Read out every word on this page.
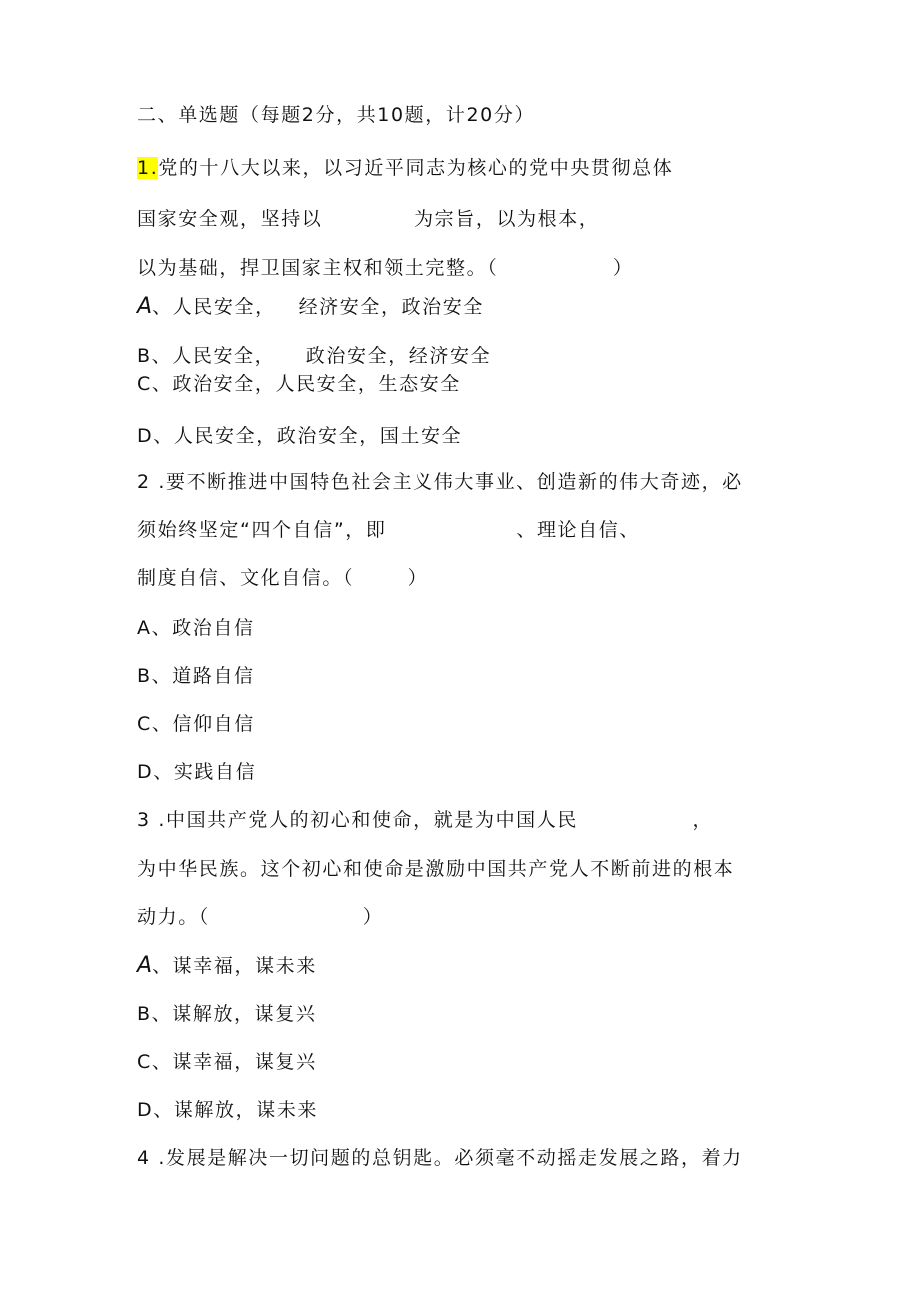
二、单选题（每题2分，共10题，计20分）
1.党的十八大以来，以习近平同志为核心的党中央贯彻总体
国家安全观，坚持以            为宗旨，以为根本，
以为基础，捍卫国家主权和领土完整。（               ）
A、人民安全，   经济安全，政治安全
B、人民安全，    政治安全，经济安全
C、政治安全，人民安全，生态安全
D、人民安全，政治安全，国土安全
2 .要不断推进中国特色社会主义伟大事业、创造新的伟大奇迹，必
须始终坚定“四个自信”，即                 、理论自信、
制度自信、文化自信。（       ）
A、政治自信
B、道路自信
C、信仰自信
D、实践自信
3 .中国共产党人的初心和使命，就是为中国人民               ，
为中华民族。这个初心和使命是激励中国共产党人不断前进的根本
动力。（                    ）
A、谋幸福，谋未来
B、谋解放，谋复兴
C、谋幸福，谋复兴
D、谋解放，谋未来
4 .发展是解决一切问题的总钥匙。必须毫不动摇走发展之路，着力
